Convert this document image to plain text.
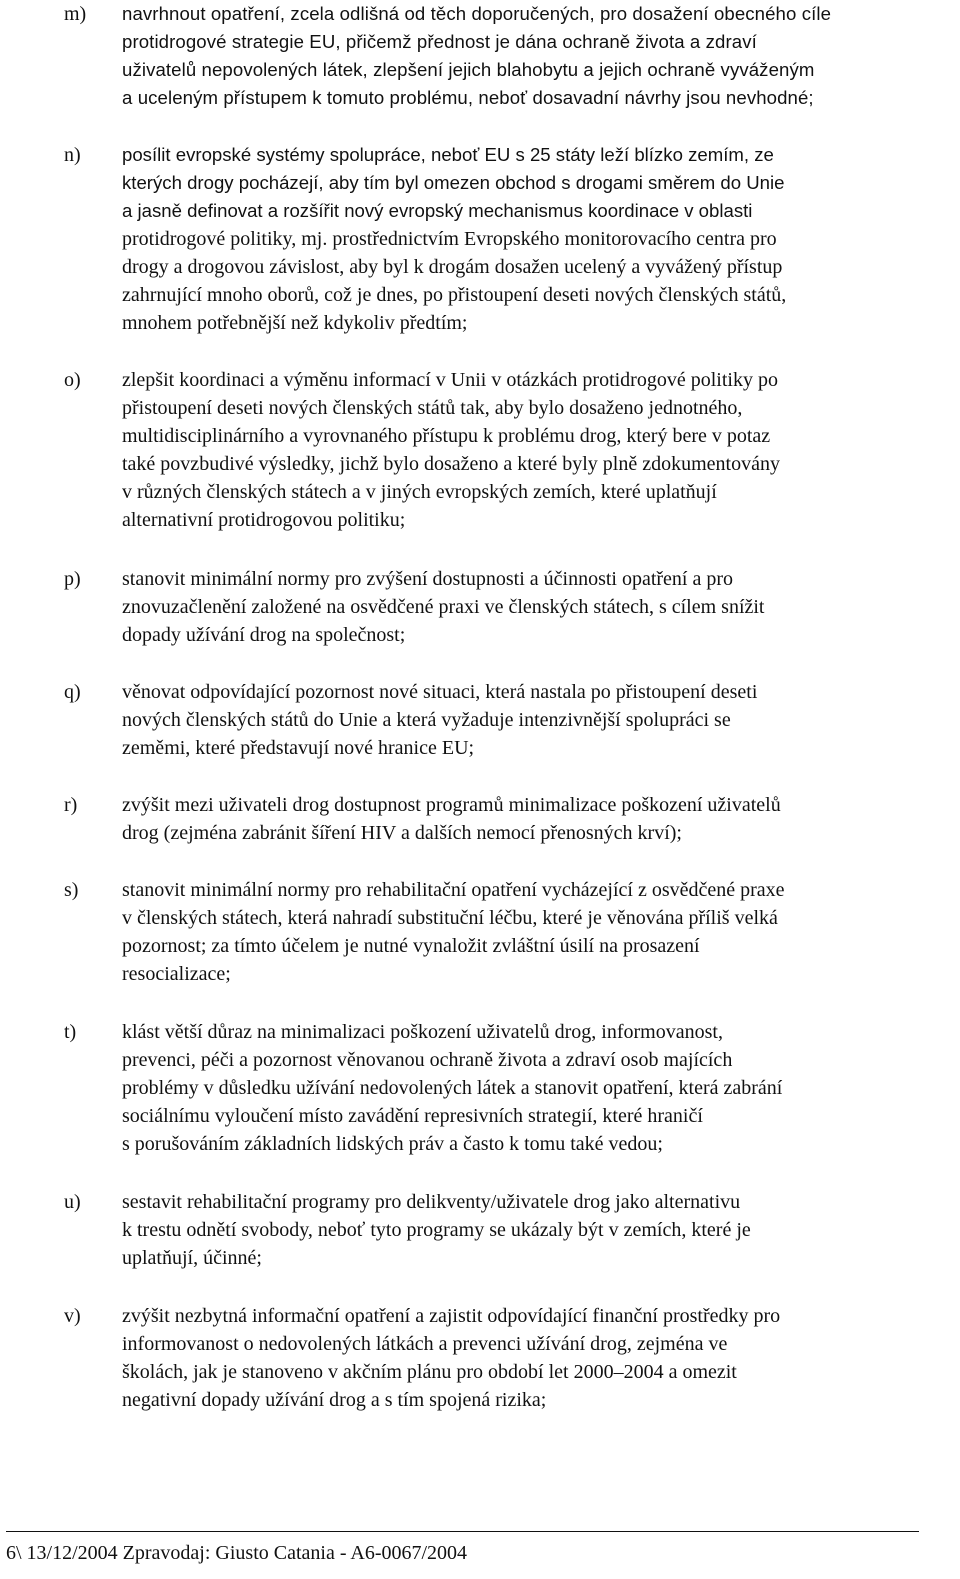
m) navrhnout opatření, zcela odlišná od těch doporučených, pro dosažení obecného cíle
protidrogové strategie EU, přičemž přednost je dána ochraně života a zdraví
uživatelů nepovolených látek, zlepšení jejich blahobytu a jejich ochraně vyváženým
a uceleným přístupem k tomuto problému, neboť dosavadní návrhy jsou nevhodné;
n) posílit evropské systémy spolupráce, neboť EU s 25 státy leží blízko zemím, ze
kterých drogy pocházejí, aby tím byl omezen obchod s drogami směrem do Unie
a jasně definovat a rozšířit nový evropský mechanismus koordinace v oblasti
protidrogové politiky, mj. prostřednictvím Evropského monitorovacího centra pro
drogy a drogovou závislost, aby byl k drogám dosažen ucelený a vyvážený přístup
zahrnující mnoho oborů, což je dnes, po přistoupení deseti nových členských států,
mnohem potřebnější než kdykoliv předtím;
o) zlepšit koordinaci a výměnu informací v Unii v otázkách protidrogové politiky po
přistoupení deseti nových členských států tak, aby bylo dosaženo jednotného,
multidisciplinárního a vyrovnaného přístupu k problému drog, který bere v potaz
také povzbudivé výsledky, jichž bylo dosaženo a které byly plně zdokumentovány
v různých členských státech a v jiných evropských zemích, které uplatňují
alternativní protidrogovou politiku;
p) stanovit minimální normy pro zvýšení dostupnosti a účinnosti opatření a pro
znovuzačlenění založené na osvědčené praxi ve členských státech, s cílem snížit
dopady užívání drog na společnost;
q) věnovat odpovídající pozornost nové situaci, která nastala po přistoupení deseti
nových členských států do Unie a která vyžaduje intenzivnější spolupráci se
zeměmi, které představují nové hranice EU;
r) zvýšit mezi uživateli drog dostupnost programů minimalizace poškození uživatelů
drog (zejména zabránit šíření HIV a dalších nemocí přenosných krví);
s) stanovit minimální normy pro rehabilitační opatření vycházející z osvědčené praxe
v členských státech, která nahradí substituční léčbu, které je věnována příliš velká
pozornost; za tímto účelem je nutné vynaložit zvláštní úsilí na prosazení
resocializace;
t) klást větší důraz na minimalizaci poškození uživatelů drog, informovanost,
prevenci, péči a pozornost věnovanou ochraně života a zdraví osob majících
problémy v důsledku užívání nedovolených látek a stanovit opatření, která zabrání
sociálnímu vyloučení místo zavádění represivních strategií, které hraničí
s porušováním základních lidských práv a často k tomu také vedou;
u) sestavit rehabilitační programy pro delikventy/uživatele drog jako alternativu
k trestu odnětí svobody, neboť tyto programy se ukázaly být v zemích, které je
uplatňují, účinné;
v) zvýšit nezbytná informační opatření a zajistit odpovídající finanční prostředky pro
informovanost o nedovolených látkách a prevenci užívání drog, zejména ve
školách, jak je stanoveno v akčním plánu pro období let 2000–2004 a omezit
negativní dopady užívání drog a s tím spojená rizika;
6\ 13/12/2004 Zpravodaj: Giusto Catania - A6-0067/2004
